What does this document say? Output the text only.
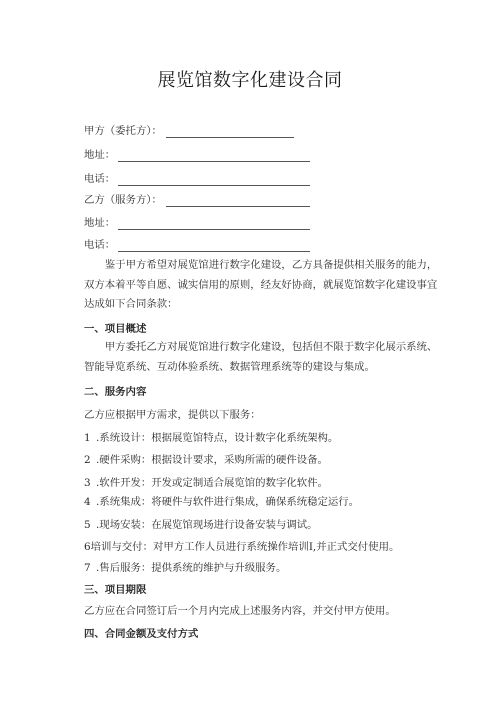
展览馆数字化建设合同
甲方（委托方）：
地址：
电话：
乙方（服务方）：
地址：
电话：
鉴于甲方希望对展览馆进行数字化建设，乙方具备提供相关服务的能力，双方本着平等自愿、诚实信用的原则，经友好协商，就展览馆数字化建设事宜达成如下合同条款：
一、项目概述
甲方委托乙方对展览馆进行数字化建设，包括但不限于数字化展示系统、智能导览系统、互动体验系统、数据管理系统等的建设与集成。
二、服务内容
乙方应根据甲方需求，提供以下服务：
1 .系统设计：根据展览馆特点，设计数字化系统架构。
2 .硬件采购：根据设计要求，采购所需的硬件设备。
3 .软件开发：开发或定制适合展览馆的数字化软件。
4 .系统集成：将硬件与软件进行集成，确保系统稳定运行。
5 .现场安装：在展览馆现场进行设备安装与调试。
6培训与交付：对甲方工作人员进行系统操作培训I,并正式交付使用。
7 .售后服务：提供系统的维护与升级服务。
三、项目期限
乙方应在合同签订后一个月内完成上述服务内容，并交付甲方使用。
四、合同金额及支付方式
